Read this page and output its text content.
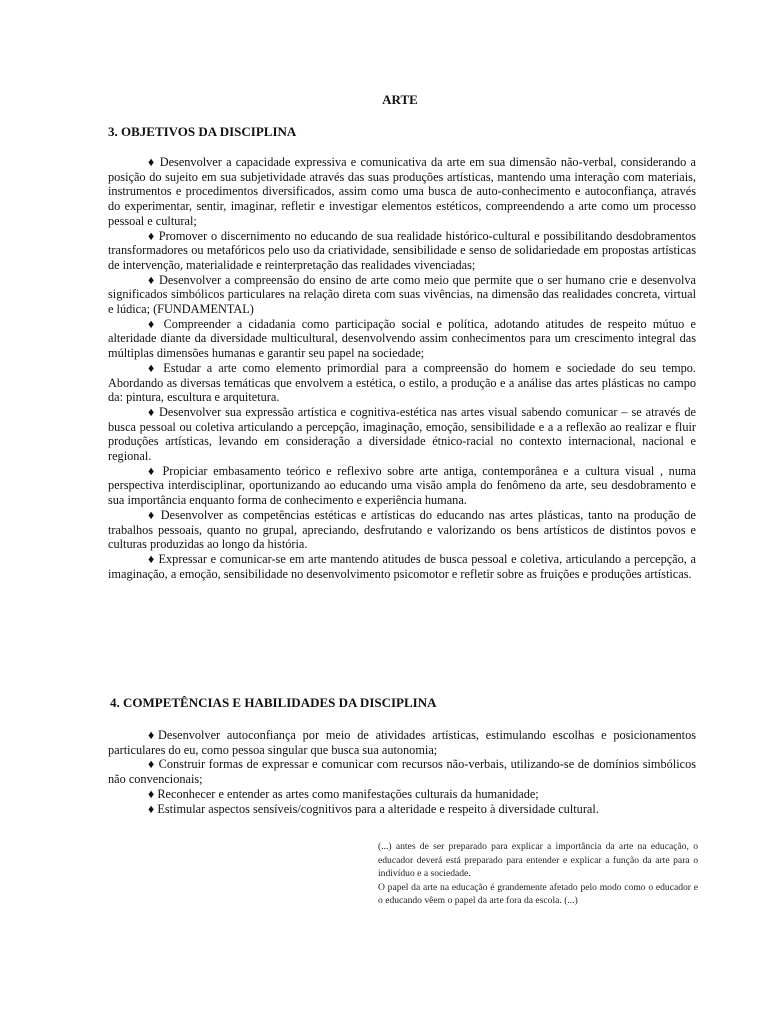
ARTE
3. OBJETIVOS DA DISCIPLINA

♦ Desenvolver a capacidade expressiva e comunicativa da arte em sua dimensão não-verbal, considerando a posição do sujeito em sua subjetividade através das suas produções artísticas, mantendo uma interação com materiais, instrumentos e procedimentos diversificados, assim como uma busca de auto-conhecimento e autoconfiança, através do experimentar, sentir, imaginar, refletir e investigar elementos estéticos, compreendendo a arte como um processo pessoal e cultural;

♦ Promover o discernimento no educando de sua realidade histórico-cultural e possibilitando desdobramentos transformadores ou metafóricos pelo uso da criatividade, sensibilidade e senso de solidariedade em propostas artísticas de intervenção, materialidade e reinterpretação das realidades vivenciadas;

♦ Desenvolver a compreensão do ensino de arte como meio que permite que o ser humano crie e desenvolva significados simbólicos particulares na relação direta com suas vivências, na dimensão das realidades concreta, virtual e lúdica; (FUNDAMENTAL)

♦ Compreender a cidadania como participação social e política, adotando atitudes de respeito mútuo e alteridade diante da diversidade multicultural, desenvolvendo assim conhecimentos para um crescimento integral das múltiplas dimensões humanas e garantir seu papel na sociedade;

♦ Estudar a arte como elemento primordial para a compreensão do homem e sociedade do seu tempo. Abordando as diversas temáticas que envolvem a estética, o estilo, a produção e a análise das artes plásticas no campo da: pintura, escultura e arquitetura.

♦ Desenvolver sua expressão artística e cognitiva-estética nas artes visual sabendo comunicar – se através de busca pessoal ou coletiva articulando a percepção, imaginação, emoção, sensibilidade e a a reflexão ao realizar e fluir produções artísticas, levando em consideração a diversidade étnico-racial no contexto internacional, nacional e regional.

♦ Propiciar embasamento teórico e reflexivo sobre arte antiga, contemporânea e a cultura visual , numa perspectiva interdisciplinar, oportunizando ao educando uma visão ampla do fenômeno da arte, seu desdobramento e sua importância enquanto forma de conhecimento e experiência humana.

♦ Desenvolver as competências estéticas e artísticas do educando nas artes plásticas, tanto na produção de trabalhos pessoais, quanto no grupal, apreciando, desfrutando e valorizando os bens artísticos de distintos povos e culturas produzidas ao longo da história.

♦ Expressar e comunicar-se em arte mantendo atitudes de busca pessoal e coletiva, articulando a percepção, a imaginação, a emoção, sensibilidade no desenvolvimento psicomotor e refletir sobre as fruições e produções artísticas.

4. COMPETÊNCIAS E HABILIDADES DA DISCIPLINA

♦Desenvolver autoconfiança por meio de atividades artísticas, estimulando escolhas e posicionamentos particulares do eu, como pessoa singular que busca sua autonomia;

♦ Construir formas de expressar e comunicar com recursos não-verbais, utilizando-se de domínios simbólicos não convencionais;

♦ Reconhecer e entender as artes como manifestações culturais da humanidade;

♦ Estimular aspectos sensíveis/cognitivos para a alteridade e respeito à diversidade cultural.

(...) antes de ser preparado para explicar a importância da arte na educação, o educador deverá está preparado para entender e explicar a função da arte para o indivíduo e a sociedade.

O papel da arte na educação é grandemente afetado pelo modo como o educador e o educando vêem o papel da arte fora da escola. (...)
